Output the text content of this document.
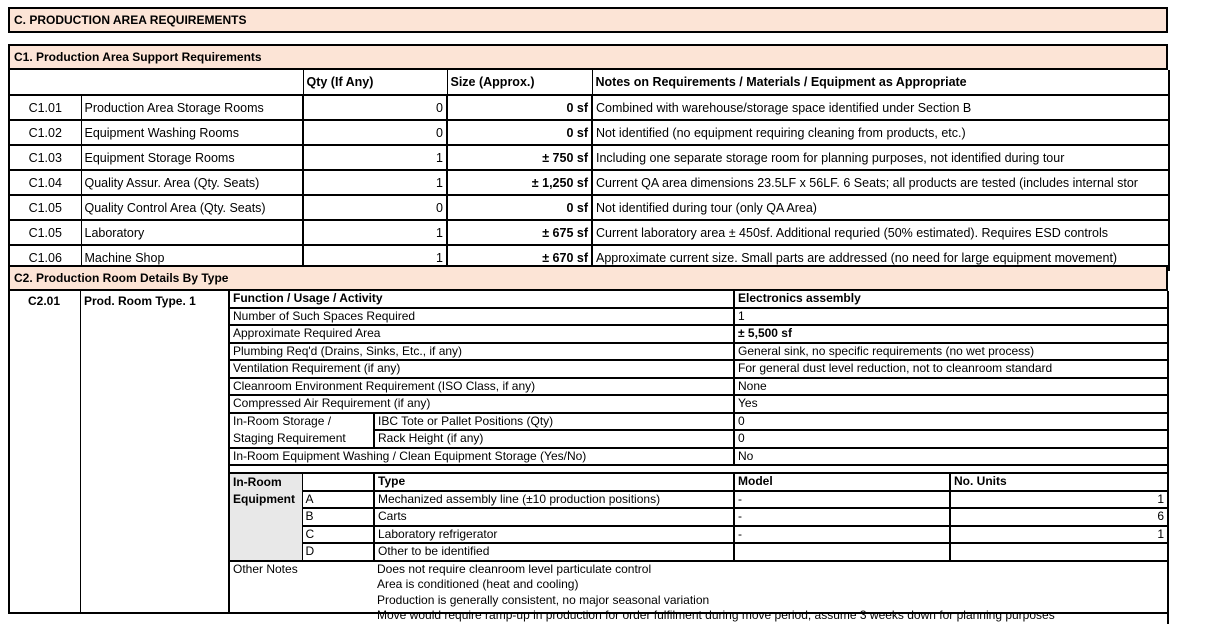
C. PRODUCTION AREA REQUIREMENTS
C1. Production Area Support Requirements
		Qty (If Any)	Size (Approx.)	Notes on Requirements / Materials / Equipment as Appropriate
C1.01	Production Area Storage Rooms	0	0 sf	Combined with warehouse/storage space identified under Section B
C1.02	Equipment Washing Rooms	0	0 sf	Not identified (no equipment requiring cleaning from products, etc.)
C1.03	Equipment Storage Rooms	1	± 750 sf	Including one separate storage room for planning purposes, not identified during tour
C1.04	Quality Assur. Area (Qty. Seats)	1	± 1,250 sf	Current QA area dimensions 23.5LF x 56LF. 6 Seats; all products are tested (includes internal stor
C1.05	Quality Control Area (Qty. Seats)	0	0 sf	Not identified during tour (only QA Area)
C1.05	Laboratory	1	± 675 sf	Current laboratory area ± 450sf. Additional requried (50% estimated). Requires ESD controls
C1.06	Machine Shop	1	± 670 sf	Approximate current size. Small parts are addressed (no need for large equipment movement)
C2. Production Room Details By Type
C2.01	Prod. Room Type. 1	Function / Usage / Activity			Electronics assembly	
Number of Such Spaces Required			1	
Approximate Required Area			± 5,500 sf	
Plumbing Req'd (Drains, Sinks, Etc., if any)			General sink, no specific requirements (no wet process)	
Ventilation Requirement (if any)			For general dust level reduction, not to cleanroom standard	
Cleanroom Environment Requirement (ISO Class, if any)			None	
Compressed Air Requirement (if any)			Yes	
In-Room Storage /		IBC Tote or Pallet Positions (Qty)	0	
Staging Requirement		Rack Height (if any)	0	
In-Room Equipment Washing / Clean Equipment Storage (Yes/No)			No	

In-Room		Type	Model	No. Units
Equipment	A	Mechanized assembly line (±10 production positions)	-	1
	B	Carts	-	6
	C	Laboratory refrigerator	-	1
	D	Other to be identified		
Other Notes		Does not require cleanroom level particulate control		
		Area is conditioned (heat and cooling)		
		Production is generally consistent, no major seasonal variation		
		Move would require ramp-up in production for order fulfilment during move period; assume 3 weeks down for planning purposes		
